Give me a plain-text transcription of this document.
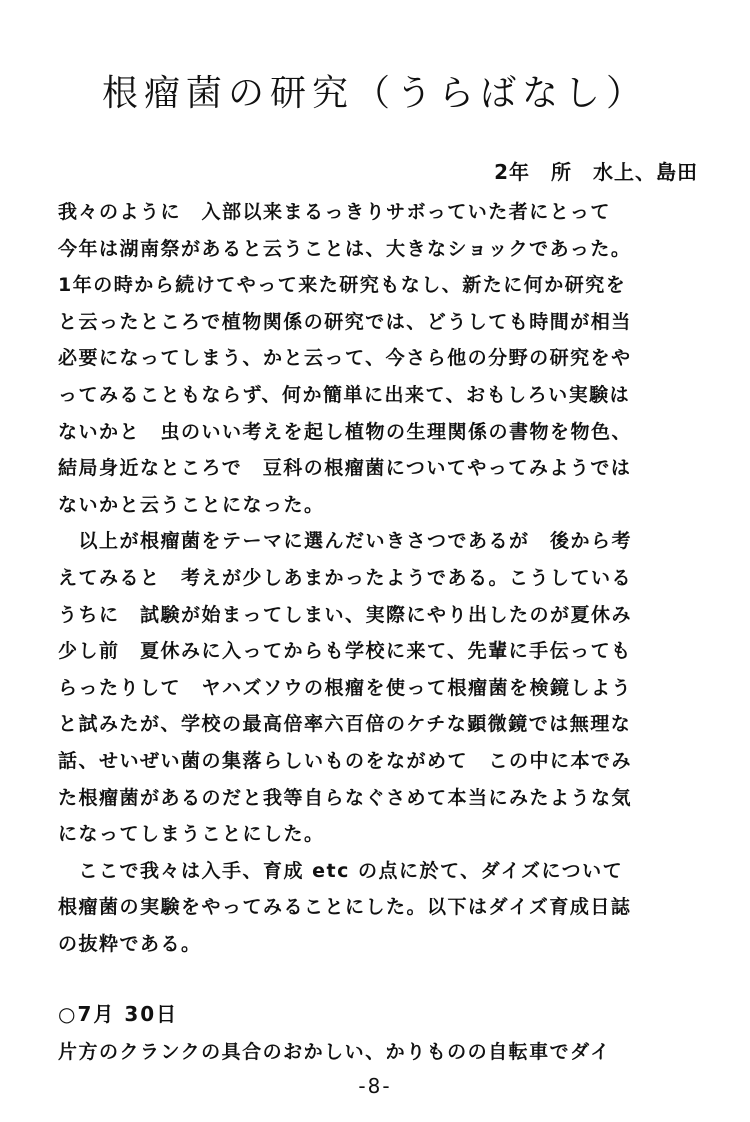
根瘤菌の研究（うらばなし）
2年　所　水上、島田
我々のように　入部以来まるっきりサボっていた者にとって
今年は湖南祭があると云うことは、大きなショックであった。
1年の時から続けてやって来た研究もなし、新たに何か研究を
と云ったところで植物関係の研究では、どうしても時間が相当
必要になってしまう、かと云って、今さら他の分野の研究をや
ってみることもならず、何か簡単に出来て、おもしろい実験は
ないかと　虫のいい考えを起し植物の生理関係の書物を物色、
結局身近なところで　豆科の根瘤菌についてやってみようでは
ないかと云うことになった。
　以上が根瘤菌をテーマに選んだいきさつであるが　後から考
えてみると　考えが少しあまかったようである。こうしている
うちに　試験が始まってしまい、実際にやり出したのが夏休み
少し前　夏休みに入ってからも学校に来て、先輩に手伝っても
らったりして　ヤハズソウの根瘤を使って根瘤菌を検鏡しよう
と試みたが、学校の最高倍率六百倍のケチな顕微鏡では無理な
話、せいぜい菌の集落らしいものをながめて　この中に本でみ
た根瘤菌があるのだと我等自らなぐさめて本当にみたような気
になってしまうことにした。
　ここで我々は入手、育成 etc の点に於て、ダイズについて
根瘤菌の実験をやってみることにした。以下はダイズ育成日誌
の抜粋である。
○7月 30日
片方のクランクの具合のおかしい、かりものの自転車でダイ
-8-
